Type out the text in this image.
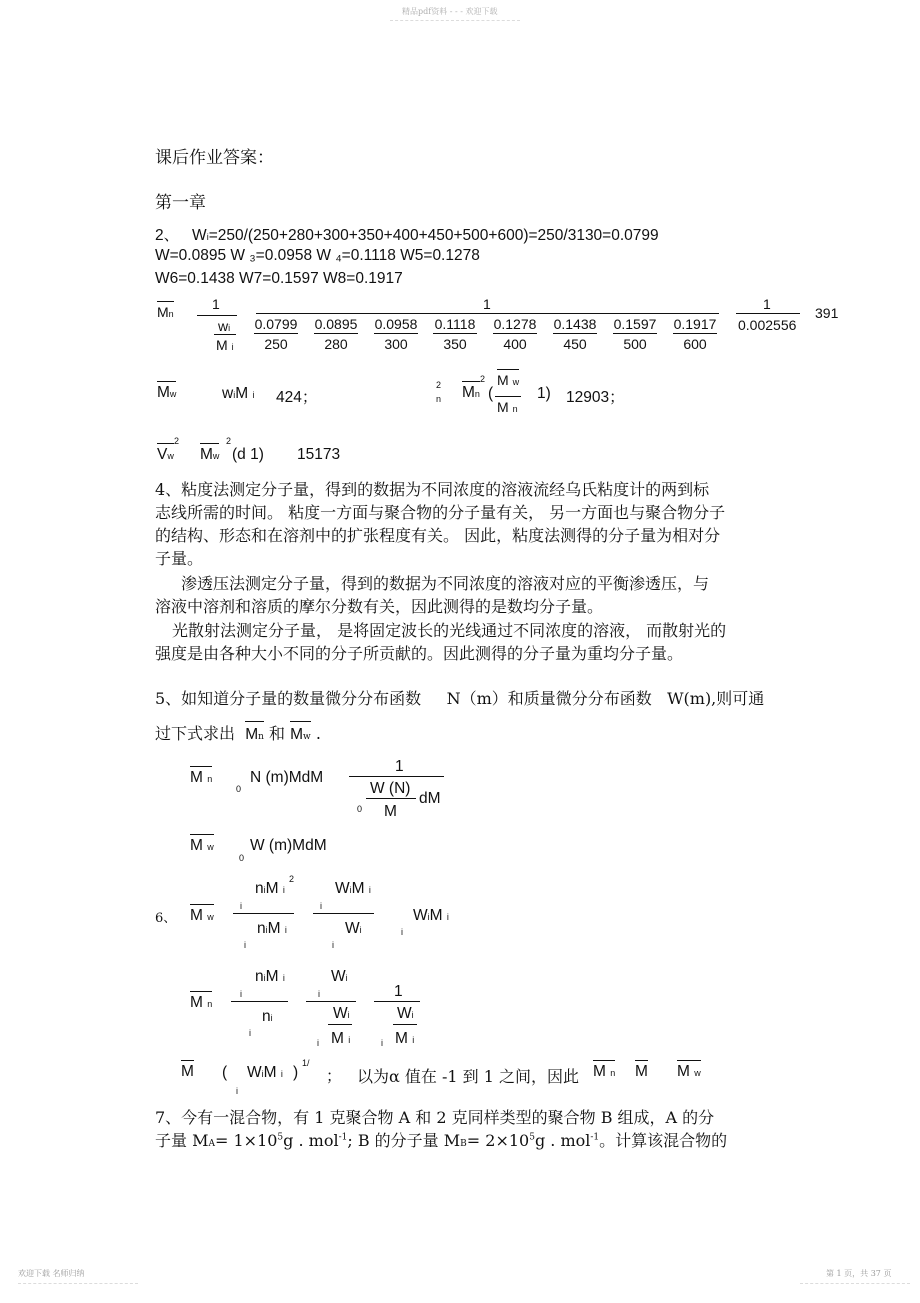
精品pdf资料 - - - 欢迎下载
欢迎下载 名师归纳	第 1 页，共 37 页
课后作业答案：
第一章
2、 Wi=250/(250+280+300+350+400+450+500+600)=250/3130=0.0799
W=0.0895 W ₃=0.0958 W ₄=0.1118 W5=0.1278
W6=0.1438 W7=0.1597 W8=0.1917
Mn
1
wi
M i
1
0.0799 0.0895 0.0958 0.1118 0.1278 0.1438 0.1597 0.1917
250	280	300	350	400	450	500	600
1
0.002556
391
Mw	wiM i 424；
2
n Mn
2
(
M w
M n
1) 12903；
Vw
2
Mw
2
(d 1) 15173
4、粘度法测定分子量，得到的数据为不同浓度的溶液流经乌氏粘度计的两到标
志线所需的时间。 粘度一方面与聚合物的分子量有关， 另一方面也与聚合物分子
的结构、形态和在溶剂中的扩张程度有关。 因此，粘度法测得的分子量为相对分
子量。
渗透压法测定分子量，得到的数据为不同浓度的溶液对应的平衡渗透压，与
溶液中溶剂和溶质的摩尔分数有关，因此测得的是数均分子量。
光散射法测定分子量， 是将固定波长的光线通过不同浓度的溶液， 而散射光的
强度是由各种大小不同的分子所贡献的。因此测得的分子量为重均分子量。
5、如知道分子量的数量微分分布函数 N（m）和质量微分分布函数 W(m),则可通
过下式求出 Mn 和 Mw .
M n
0
N (m)MdM
1
W (N)
M
dM
0
M w
0
W (m)MdM
6、 M w
niM i
2
i
niM i
i
WiM i
i
Wi
i
i
WiM i
M n
niM i
i
ni
i
Wi
i
Wi
i M i
1
Wi
i M i
M (
i
WiM i )
1/
； 以为α 值在 -1 到 1 之间，因此 M n M M w
7、今有一混合物，有 1 克聚合物 A 和 2 克同样类型的聚合物 B 组成，A 的分
子量 $MA= 1\times 10^5g$ . mol$^{-1}$; B 的分子量 $MB= 2\times 10^5g$ . mol$^{-1}$。计算该混合物的
